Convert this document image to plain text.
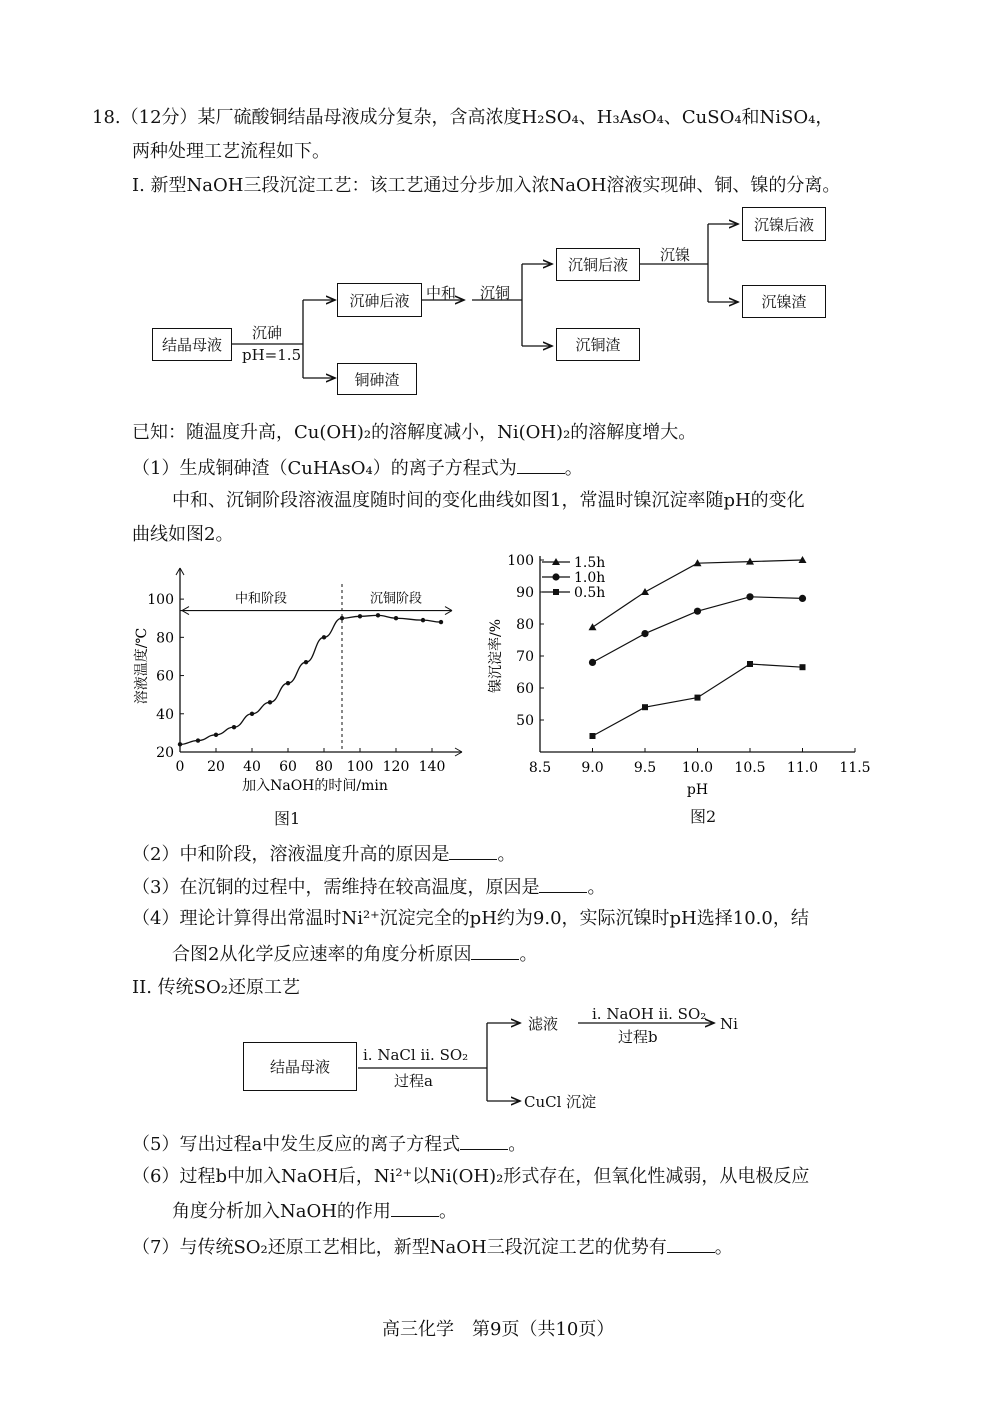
18.（12分）某厂硫酸铜结晶母液成分复杂，含高浓度H₂SO₄、H₃AsO₄、CuSO₄和NiSO₄，
两种处理工艺流程如下。
I. 新型NaOH三段沉淀工艺：该工艺通过分步加入浓NaOH溶液实现砷、铜、镍的分离。
结晶母液
沉砷
pH=1.5
沉砷后液
铜砷渣
中和 沉铜
沉铜后液
沉铜渣
沉镍
沉镍后液
沉镍渣
已知：随温度升高，Cu(OH)₂的溶解度减小，Ni(OH)₂的溶解度增大。
（1）生成铜砷渣（CuHAsO₄）的离子方程式为	。
中和、沉铜阶段溶液温度随时间的变化曲线如图1，常温时镍沉淀率随pH的变化
曲线如图2。
0 20 40 60 80 100 120 140
20
40
60
80
100	中和阶段	沉铜阶段
加入NaOH的时间/min
溶液温度/℃
图1
8.5 9.0 9.5 10.0 10.5 11.0 11.5
50
60
70
80
90
100	1.5h
1.0h
0.5h
pH
镍沉淀率/%
图2
（2）中和阶段，溶液温度升高的原因是	。
（3）在沉铜的过程中，需维持在较高温度，原因是	。
（4）理论计算得出常温时Ni²⁺沉淀完全的pH约为9.0，实际沉镍时pH选择10.0，结
合图2从化学反应速率的角度分析原因	。
II. 传统SO₂还原工艺
结晶母液
i. NaCl ii. SO₂
过程a
滤液
i. NaOH ii. SO₂
过程b
Ni
CuCl 沉淀
（5）写出过程a中发生反应的离子方程式	。
（6）过程b中加入NaOH后，Ni²⁺以Ni(OH)₂形式存在，但氧化性减弱，从电极反应
角度分析加入NaOH的作用	。
（7）与传统SO₂还原工艺相比，新型NaOH三段沉淀工艺的优势有	。
高三化学　第9页（共10页）
